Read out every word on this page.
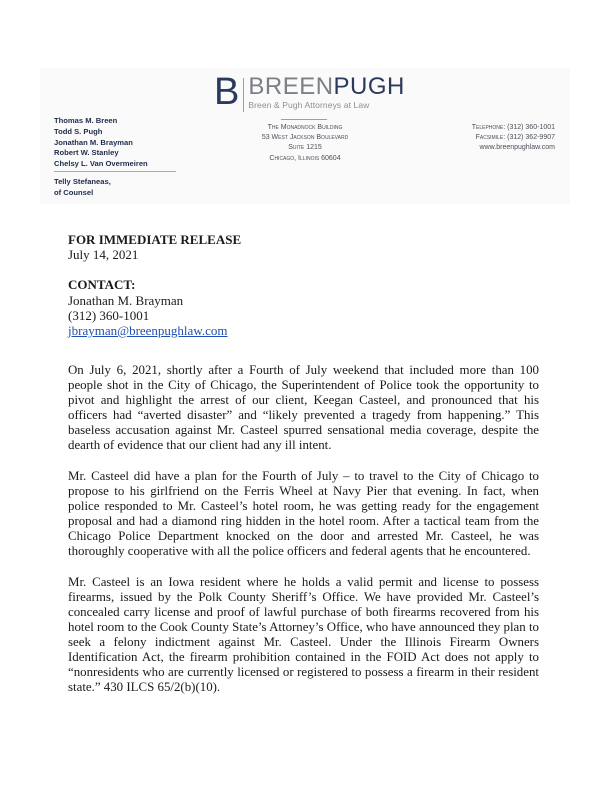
B BREENPUGH
Breen & Pugh Attorneys at Law
Thomas M. Breen
Todd S. Pugh
Jonathan M. Brayman
Robert W. Stanley
Chelsy L. Van Overmeiren
Telly Stefaneas,
of Counsel
The Monadnock Building
53 West Jackson Boulevard
Suite 1215
Chicago, Illinois 60604
Telephone: (312) 360-1001
Facsimile: (312) 362-9907
www.breenpughlaw.com
FOR IMMEDIATE RELEASE
July 14, 2021
CONTACT:
Jonathan M. Brayman
(312) 360-1001
jbrayman@breenpughlaw.com

On July 6, 2021, shortly after a Fourth of July weekend that included more than 100 people shot in the City of Chicago, the Superintendent of Police took the opportunity to pivot and highlight the arrest of our client, Keegan Casteel, and pronounced that his officers had “averted disaster” and “likely prevented a tragedy from happening.” This baseless accusation against Mr. Casteel spurred sensational media coverage, despite the dearth of evidence that our client had any ill intent.

Mr. Casteel did have a plan for the Fourth of July – to travel to the City of Chicago to propose to his girlfriend on the Ferris Wheel at Navy Pier that evening. In fact, when police responded to Mr. Casteel’s hotel room, he was getting ready for the engagement proposal and had a diamond ring hidden in the hotel room. After a tactical team from the Chicago Police Department knocked on the door and arrested Mr. Casteel, he was thoroughly cooperative with all the police officers and federal agents that he encountered.

Mr. Casteel is an Iowa resident where he holds a valid permit and license to possess firearms, issued by the Polk County Sheriff’s Office. We have provided Mr. Casteel’s concealed carry license and proof of lawful purchase of both firearms recovered from his hotel room to the Cook County State’s Attorney’s Office, who have announced they plan to seek a felony indictment against Mr. Casteel. Under the Illinois Firearm Owners Identification Act, the firearm prohibition contained in the FOID Act does not apply to “nonresidents who are currently licensed or registered to possess a firearm in their resident state.” 430 ILCS 65/2(b)(10).
